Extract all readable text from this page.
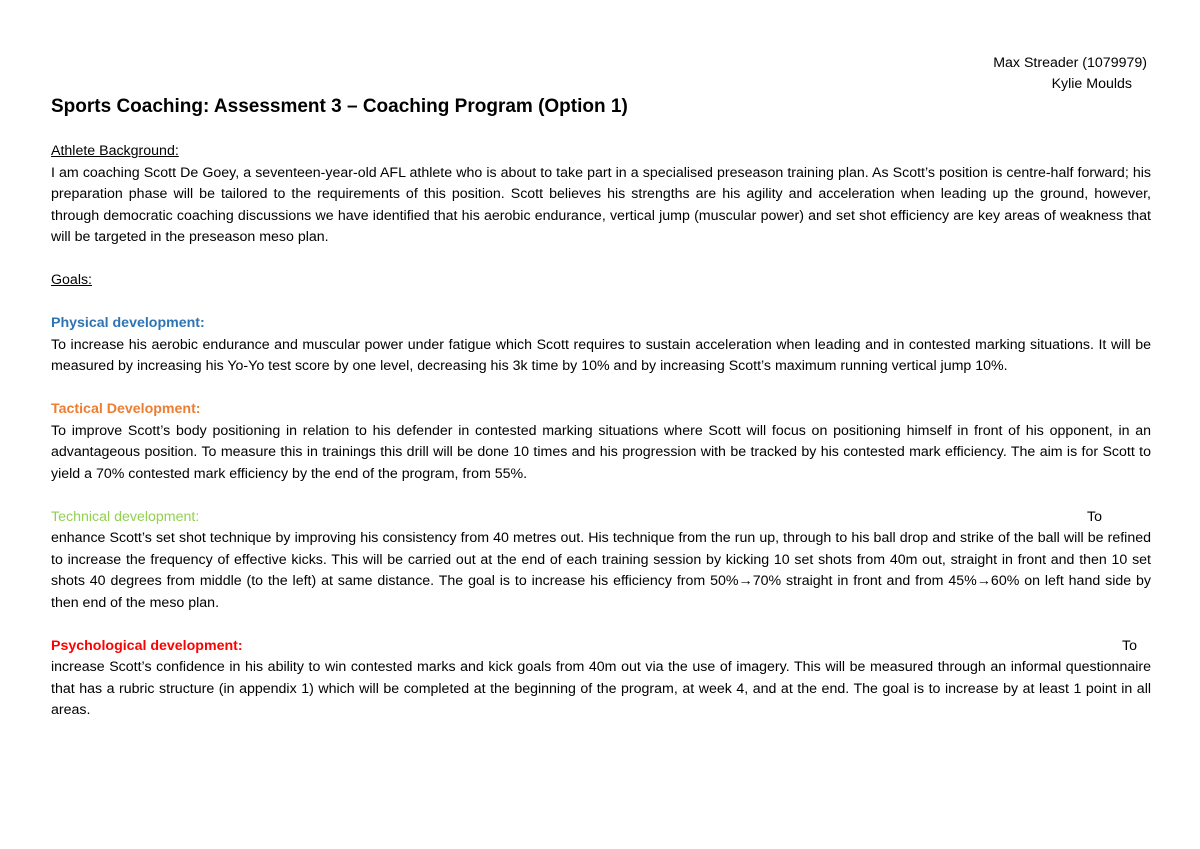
Max Streader (1079979)
Kylie Moulds
Sports Coaching: Assessment 3 – Coaching Program (Option 1)

Athlete Background:

I am coaching Scott De Goey, a seventeen-year-old AFL athlete who is about to take part in a specialised preseason training plan. As Scott’s position is centre-half forward; his preparation phase will be tailored to the requirements of this position. Scott believes his strengths are his agility and acceleration when leading up the ground, however, through democratic coaching discussions we have identified that his aerobic endurance, vertical jump (muscular power) and set shot efficiency are key areas of weakness that will be targeted in the preseason meso plan.

Goals:

Physical development:

To increase his aerobic endurance and muscular power under fatigue which Scott requires to sustain acceleration when leading and in contested marking situations. It will be measured by increasing his Yo-Yo test score by one level, decreasing his 3k time by 10% and by increasing Scott’s maximum running vertical jump 10%.

Tactical Development:

To improve Scott’s body positioning in relation to his defender in contested marking situations where Scott will focus on positioning himself in front of his opponent, in an advantageous position. To measure this in trainings this drill will be done 10 times and his progression with be tracked by his contested mark efficiency. The aim is for Scott to yield a 70% contested mark efficiency by the end of the program, from 55%.

Technical development:	To

enhance Scott’s set shot technique by improving his consistency from 40 metres out. His technique from the run up, through to his ball drop and strike of the ball will be refined to increase the frequency of effective kicks. This will be carried out at the end of each training session by kicking 10 set shots from 40m out, straight in front and then 10 set shots 40 degrees from middle (to the left) at same distance. The goal is to increase his efficiency from 50%→70% straight in front and from 45%→60% on left hand side by then end of the meso plan.

Psychological development:	To

increase Scott’s confidence in his ability to win contested marks and kick goals from 40m out via the use of imagery. This will be measured through an informal questionnaire that has a rubric structure (in appendix 1) which will be completed at the beginning of the program, at week 4, and at the end. The goal is to increase by at least 1 point in all areas.
